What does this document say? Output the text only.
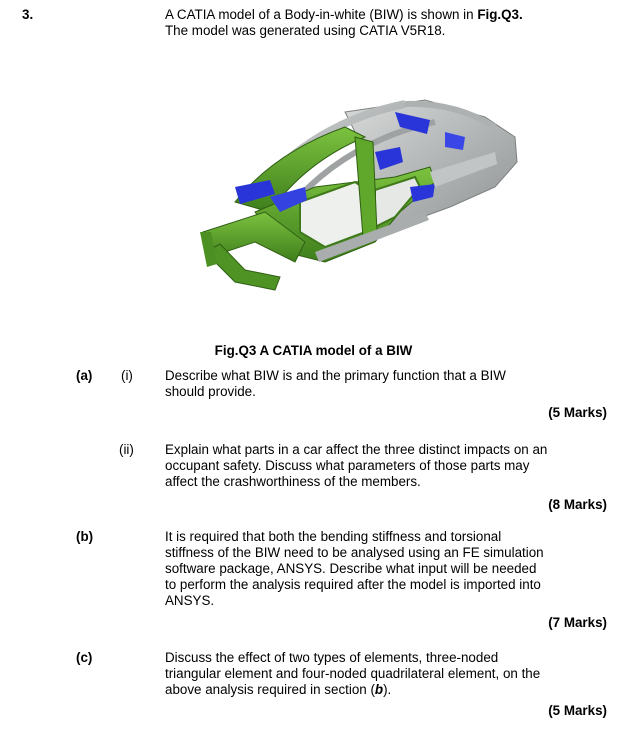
3.	A CATIA model of a Body-in-white (BIW) is shown in Fig.Q3.
The model was generated using CATIA V5R18.
Fig.Q3 A CATIA model of a BIW
(a) (i) Describe what BIW is and the primary function that a BIW should provide.
(5 Marks)
(ii) Explain what parts in a car affect the three distinct impacts on an occupant safety. Discuss what parameters of those parts may affect the crashworthiness of the members.
(8 Marks)
(b)	It is required that both the bending stiffness and torsional stiffness of the BIW need to be analysed using an FE simulation software package, ANSYS. Describe what input will be needed to perform the analysis required after the model is imported into ANSYS.
(7 Marks)
(c)	Discuss the effect of two types of elements, three-noded triangular element and four-noded quadrilateral element, on the above analysis required in section (b).
(5 Marks)
